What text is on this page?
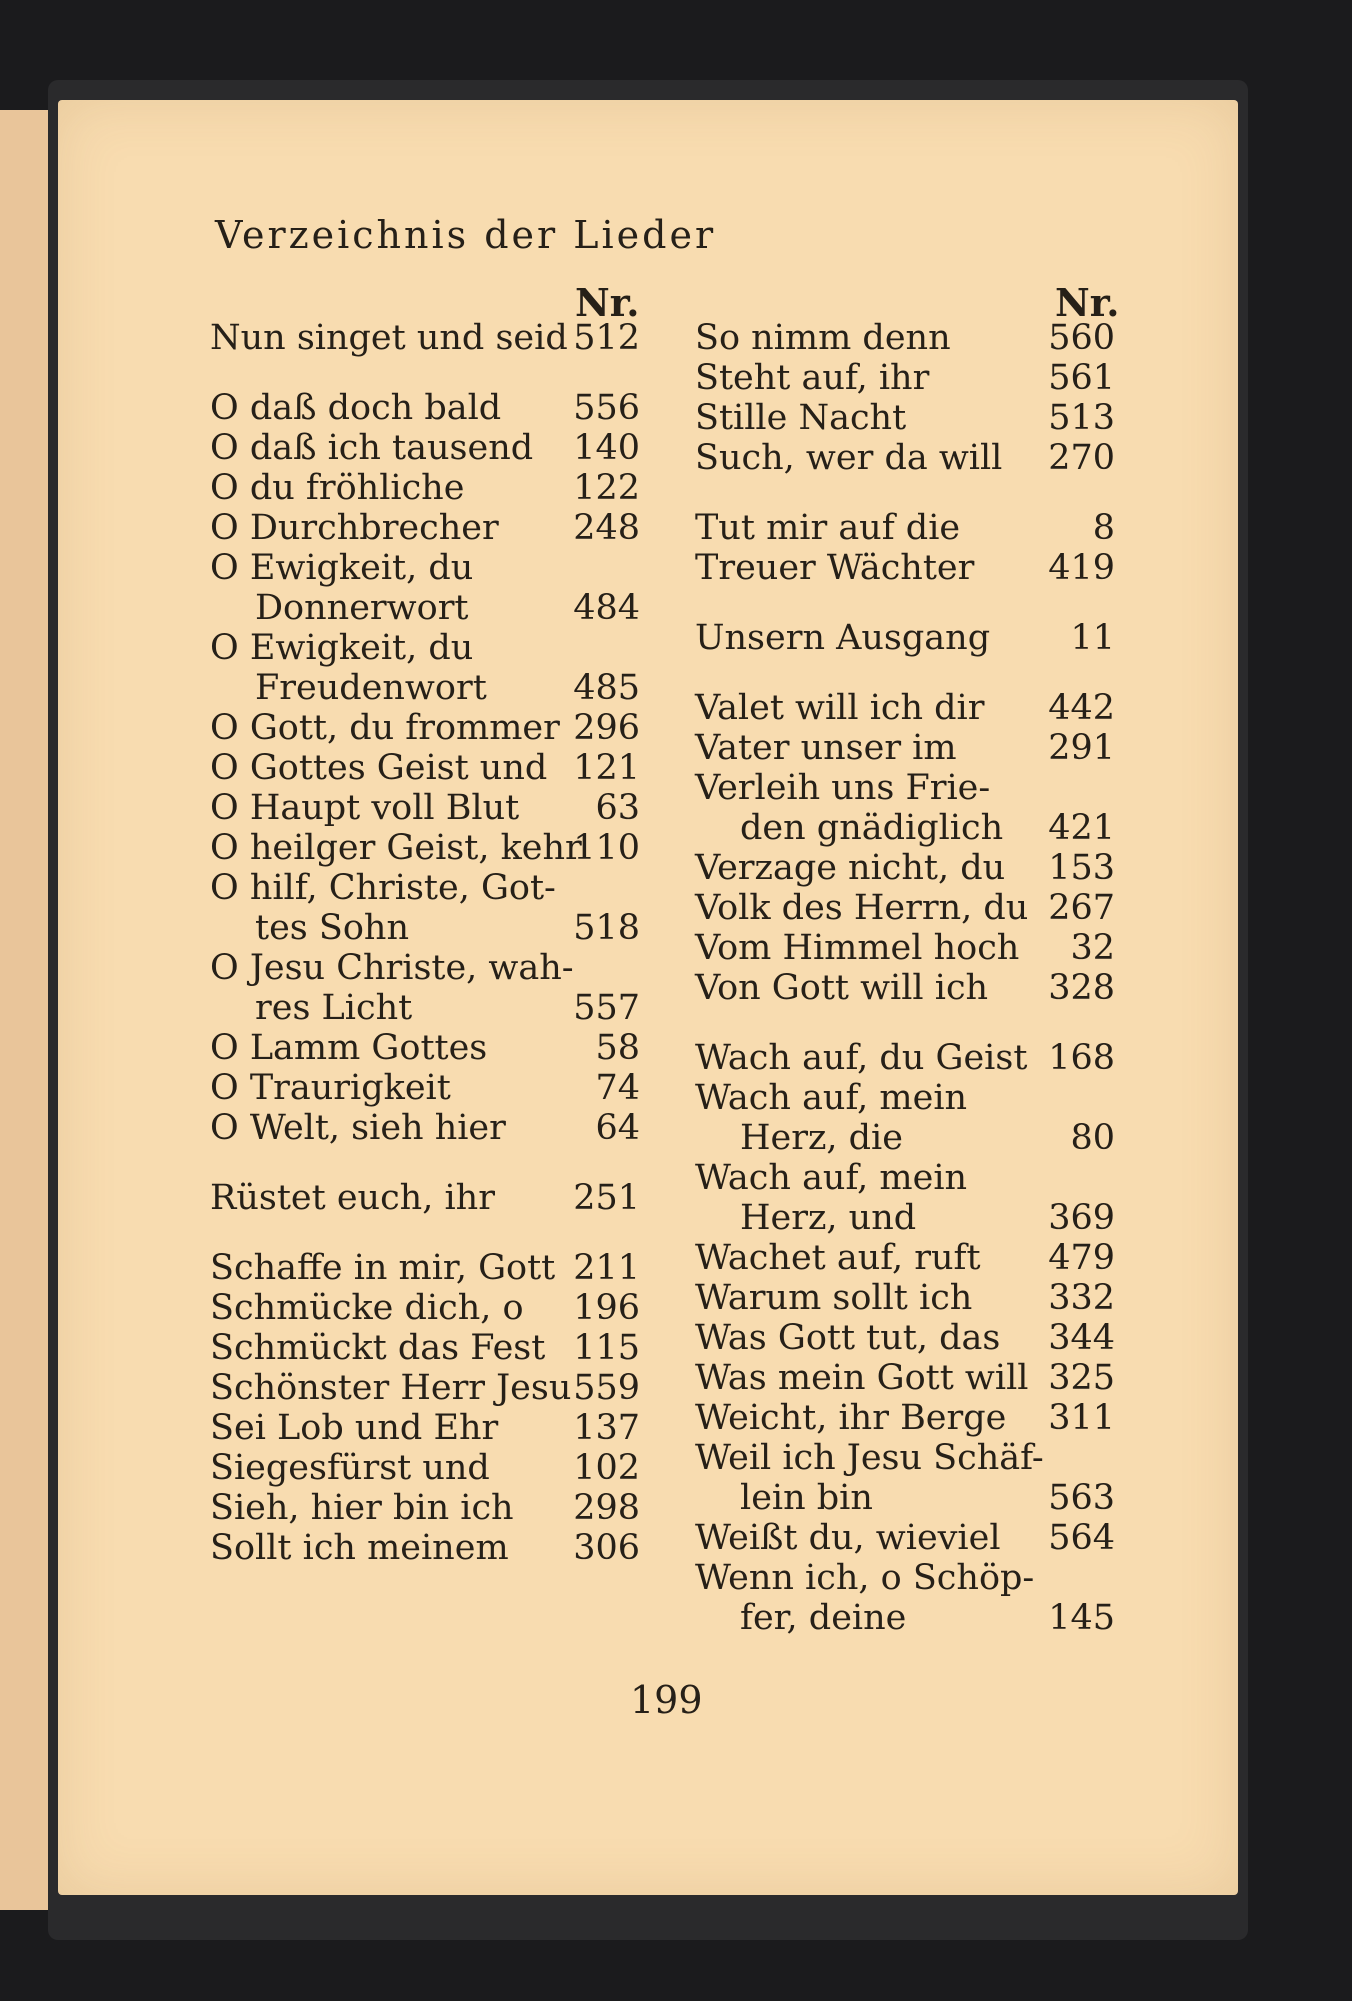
Verzeichnis der Lieder
Nr.	Nr.
Nun singet und seid 512
O daß doch bald	556
O daß ich tausend	140
O du fröhliche	122
O Durchbrecher	248
O Ewigkeit, du
Donnerwort	484
O Ewigkeit, du
Freudenwort	485
O Gott, du frommer 296
O Gottes Geist und 121
O Haupt voll Blut	63
O heilger Geist, kehr
110
O hilf, Christe, Got-
tes Sohn	518
O Jesu Christe, wah-
res Licht	557
O Lamm Gottes	58
O Traurigkeit	74
O Welt, sieh hier	64
Rüstet euch, ihr	251
Schaffe in mir, Gott 211
Schmücke dich, o	196
Schmückt das Fest 115
Schönster Herr Jesu 559
Sei Lob und Ehr	137
Siegesfürst und	102
Sieh, hier bin ich	298
Sollt ich meinem	306
So nimm denn	560
Steht auf, ihr	561
Stille Nacht	513
Such, wer da will	270
Tut mir auf die	8
Treuer Wächter	419
Unsern Ausgang	11
Valet will ich dir	442
Vater unser im	291
Verleih uns Frie-
den gnädiglich	421
Verzage nicht, du	153
Volk des Herrn, du 267
Vom Himmel hoch	32
Von Gott will ich	328
Wach auf, du Geist 168
Wach auf, mein
Herz, die	80
Wach auf, mein
Herz, und	369
Wachet auf, ruft	479
Warum sollt ich	332
Was Gott tut, das	344
Was mein Gott will 325
Weicht, ihr Berge	311
Weil ich Jesu Schäf-
lein bin	563
Weißt du, wieviel	564
Wenn ich, o Schöp-
fer, deine	145
199
